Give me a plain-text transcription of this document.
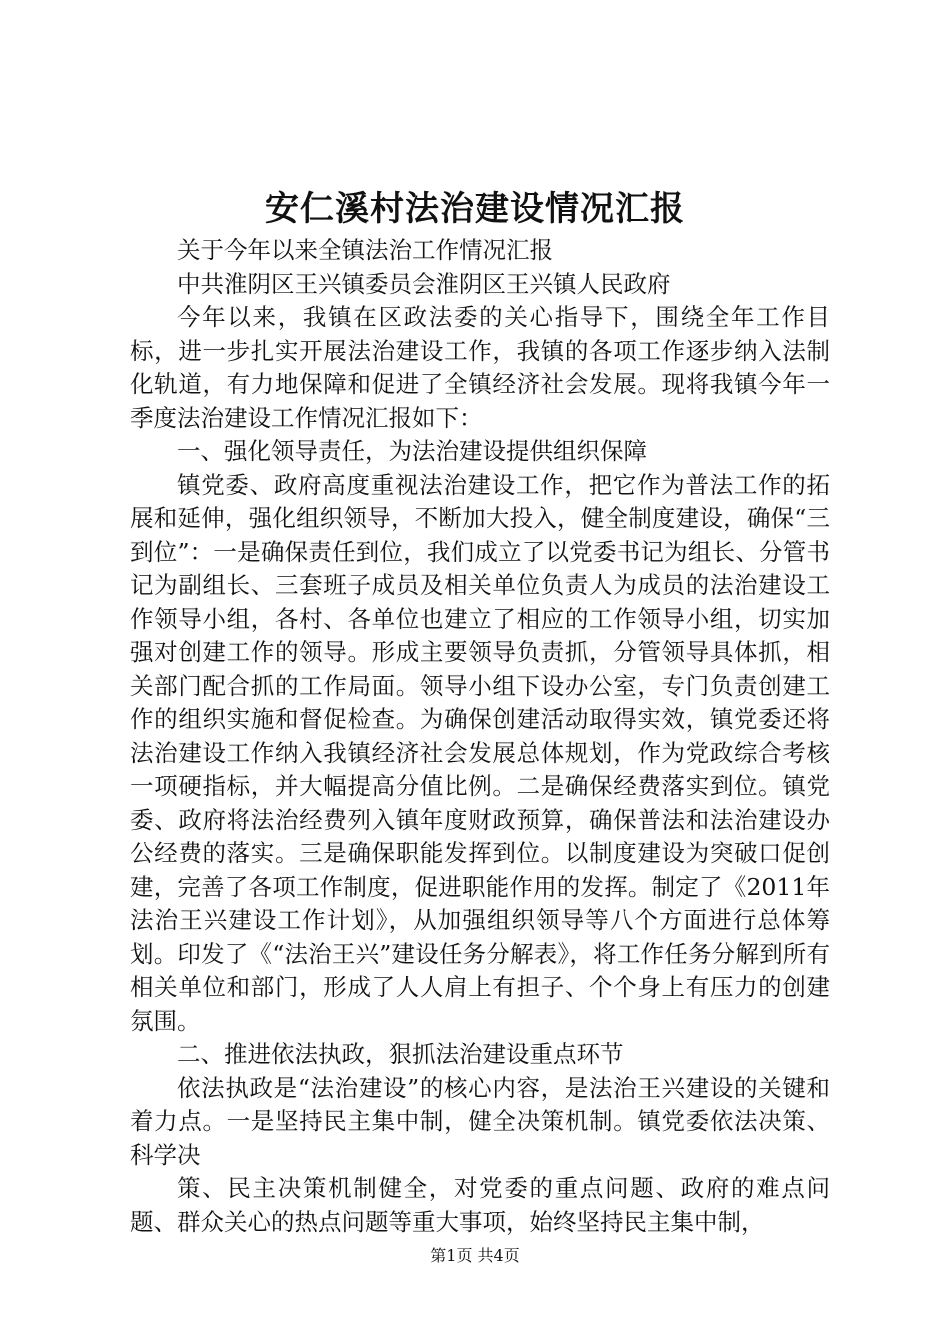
安仁溪村法治建设情况汇报

关于今年以来全镇法治工作情况汇报

中共淮阴区王兴镇委员会淮阴区王兴镇人民政府

今年以来，我镇在区政法委的关心指导下，围绕全年工作目标，进一步扎实开展法治建设工作，我镇的各项工作逐步纳入法制化轨道，有力地保障和促进了全镇经济社会发展。现将我镇今年一季度法治建设工作情况汇报如下：

一、强化领导责任，为法治建设提供组织保障

镇党委、政府高度重视法治建设工作，把它作为普法工作的拓展和延伸，强化组织领导，不断加大投入，健全制度建设，确保“三到位”：一是确保责任到位，我们成立了以党委书记为组长、分管书记为副组长、三套班子成员及相关单位负责人为成员的法治建设工作领导小组，各村、各单位也建立了相应的工作领导小组，切实加强对创建工作的领导。形成主要领导负责抓，分管领导具体抓，相关部门配合抓的工作局面。领导小组下设办公室，专门负责创建工作的组织实施和督促检查。为确保创建活动取得实效，镇党委还将法治建设工作纳入我镇经济社会发展总体规划，作为党政综合考核一项硬指标，并大幅提高分值比例。二是确保经费落实到位。镇党委、政府将法治经费列入镇年度财政预算，确保普法和法治建设办公经费的落实。三是确保职能发挥到位。以制度建设为突破口促创建，完善了各项工作制度，促进职能作用的发挥。制定了《2011年法治王兴建设工作计划》，从加强组织领导等八个方面进行总体筹划。印发了《“法治王兴”建设任务分解表》，将工作任务分解到所有相关单位和部门，形成了人人肩上有担子、个个身上有压力的创建氛围。

二、推进依法执政，狠抓法治建设重点环节

依法执政是“法治建设”的核心内容，是法治王兴建设的关键和着力点。一是坚持民主集中制，健全决策机制。镇党委依法决策、科学决

策、民主决策机制健全，对党委的重点问题、政府的难点问题、群众关心的热点问题等重大事项，始终坚持民主集中制，

第1页 共4页
